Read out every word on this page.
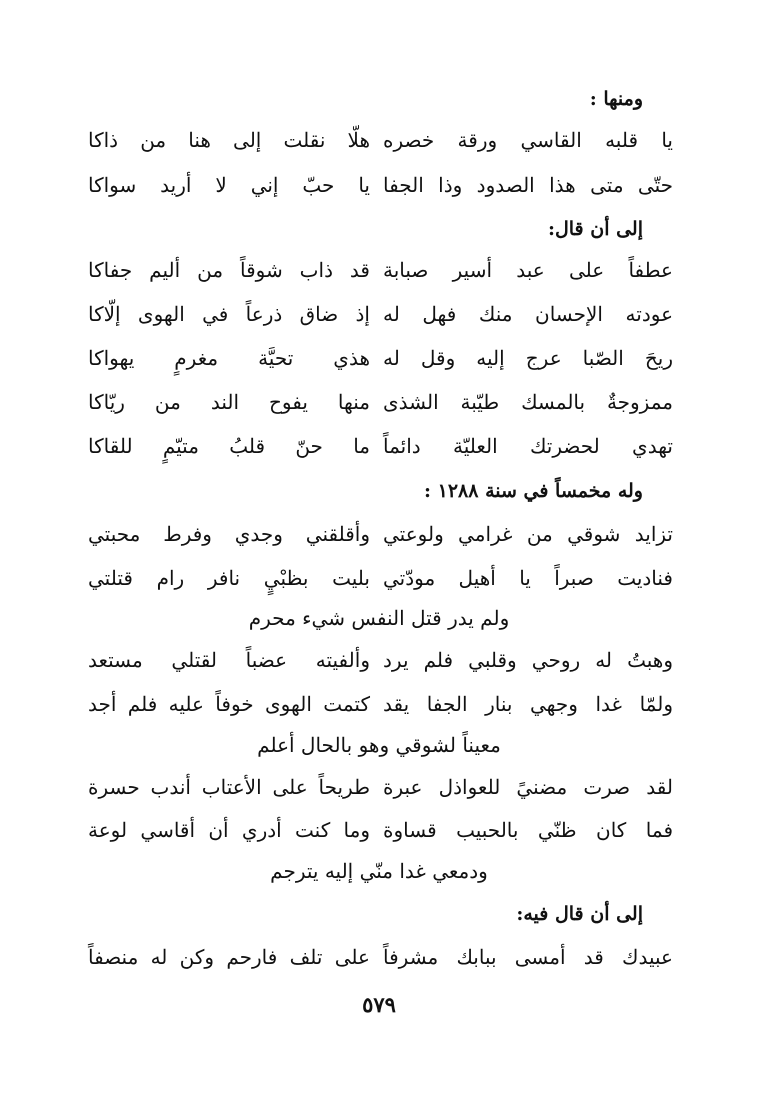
ومنها :
يا قلبه القاسي ورقة خصره
هلّا نقلت إلى هنا من ذاكا
حتّى متى هذا الصدود وذا الجفا
يا حبّ إني لا أريد سواكا
إلى أن قال:
عطفاً على عبد أسير صبابة
قد ذاب شوقاً من أليم جفاكا
عودته الإحسان منك فهل له
إذ ضاق ذرعاً في الهوى إلّاكا
ريحَ الصّبا عرج إليه وقل له
هذي تحيَّة مغرمٍ يهواكا
ممزوجةٌ بالمسك طيّبة الشذى
منها يفوح الند من ريّاكا
تهدي لحضرتك العليّة دائماً
ما حنّ قلبُ متيّمٍ للقاكا
وله مخمساً في سنة ١٢٨٨ :
تزايد شوقي من غرامي ولوعتي
وأقلقني وجدي وفرط محبتي
فناديت صبراً يا أهيل مودّتي
بليت بظبْيٍ نافر رام قتلتي
ولم يدر قتل النفس شيء محرم
وهبتُ له روحي وقلبي فلم يرد
وألفيته عضباً لقتلي مستعد
ولمّا غدا وجهي بنار الجفا يقد
كتمت الهوى خوفاً عليه فلم أجد
معيناً لشوقي وهو بالحال أعلم
لقد صرت مضنيً للعواذل عبرة
طريحاً على الأعتاب أندب حسرة
فما كان ظنّي بالحبيب قساوة
وما كنت أدري أن أقاسي لوعة
ودمعي غدا منّي إليه يترجم
إلى أن قال فيه:
عبيدك قد أمسى ببابك مشرفاً
على تلف فارحم وكن له منصفاً
٥٧٩
